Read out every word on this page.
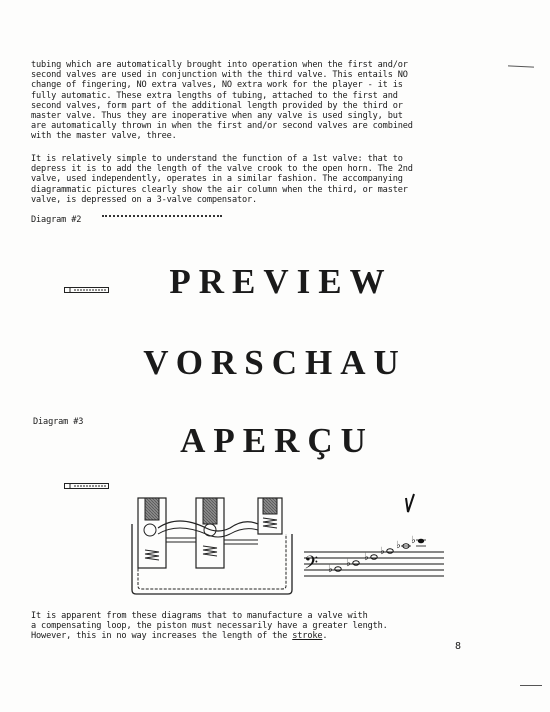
tubing which are automatically brought into operation when the first and/or
second valves are used in conjunction with the third valve. This entails NO
change of fingering, NO extra valves, NO extra work for the player - it is
fully automatic. These extra lengths of tubing, attached to the first and
second valves, form part of the additional length provided by the third or
master valve. Thus they are inoperative when any valve is used singly, but
are automatically thrown in when the first and/or second valves are combined
with the master valve, three.
It is relatively simple to understand the function of a 1st valve: that to
depress it is to add the length of the valve crook to the open horn. The 2nd
valve, used independently, operates in a similar fashion. The accompanying
diagrammatic pictures clearly show the air column when the third, or master
valve, is depressed on a 3-valve compensator.
Diagram #2
PREVIEW
VORSCHAU
Diagram #3	APERÇU
𝄢 ♭
♭
♭
♭
♭ ♭
It is apparent from these diagrams that to manufacture a valve with
a compensating loop, the piston must necessarily have a greater length.
However, this in no way increases the length of the stroke.
8
